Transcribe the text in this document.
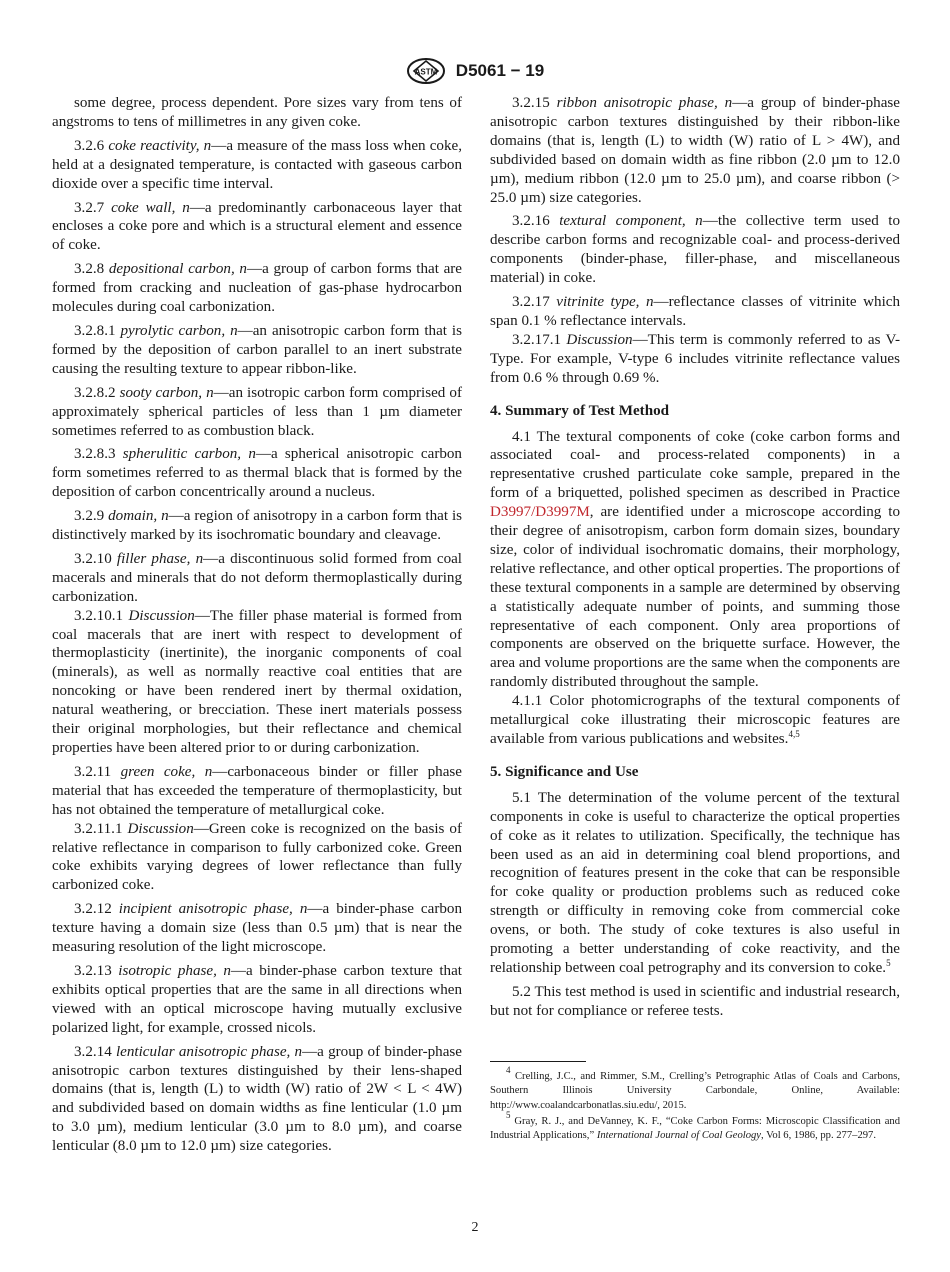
ASTM D5061 − 19

some degree, process dependent. Pore sizes vary from tens of angstroms to tens of millimetres in any given coke.

3.2.6 coke reactivity, n—a measure of the mass loss when coke, held at a designated temperature, is contacted with gaseous carbon dioxide over a specific time interval.

3.2.7 coke wall, n—a predominantly carbonaceous layer that encloses a coke pore and which is a structural element and essence of coke.

3.2.8 depositional carbon, n—a group of carbon forms that are formed from cracking and nucleation of gas-phase hydrocarbon molecules during coal carbonization.

3.2.8.1 pyrolytic carbon, n—an anisotropic carbon form that is formed by the deposition of carbon parallel to an inert substrate causing the resulting texture to appear ribbon-like.

3.2.8.2 sooty carbon, n—an isotropic carbon form comprised of approximately spherical particles of less than 1 µm diameter sometimes referred to as combustion black.

3.2.8.3 spherulitic carbon, n—a spherical anisotropic carbon form sometimes referred to as thermal black that is formed by the deposition of carbon concentrically around a nucleus.

3.2.9 domain, n—a region of anisotropy in a carbon form that is distinctively marked by its isochromatic boundary and cleavage.

3.2.10 filler phase, n—a discontinuous solid formed from coal macerals and minerals that do not deform thermoplastically during carbonization.

3.2.10.1 Discussion—The filler phase material is formed from coal macerals that are inert with respect to development of thermoplasticity (inertinite), the inorganic components of coal (minerals), as well as normally reactive coal entities that are noncoking or have been rendered inert by thermal oxidation, natural weathering, or brecciation. These inert materials possess their original morphologies, but their reflectance and chemical properties have been altered prior to or during carbonization.

3.2.11 green coke, n—carbonaceous binder or filler phase material that has exceeded the temperature of thermoplasticity, but has not obtained the temperature of metallurgical coke.

3.2.11.1 Discussion—Green coke is recognized on the basis of relative reflectance in comparison to fully carbonized coke. Green coke exhibits varying degrees of lower reflectance than fully carbonized coke.

3.2.12 incipient anisotropic phase, n—a binder-phase carbon texture having a domain size (less than 0.5 µm) that is near the measuring resolution of the light microscope.

3.2.13 isotropic phase, n—a binder-phase carbon texture that exhibits optical properties that are the same in all directions when viewed with an optical microscope having mutually exclusive polarized light, for example, crossed nicols.

3.2.14 lenticular anisotropic phase, n—a group of binder-phase anisotropic carbon textures distinguished by their lens-shaped domains (that is, length (L) to width (W) ratio of 2W < L < 4W) and subdivided based on domain widths as fine lenticular (1.0 µm to 3.0 µm), medium lenticular (3.0 µm to 8.0 µm), and coarse lenticular (8.0 µm to 12.0 µm) size categories.

3.2.15 ribbon anisotropic phase, n—a group of binder-phase anisotropic carbon textures distinguished by their ribbon-like domains (that is, length (L) to width (W) ratio of L > 4W), and subdivided based on domain width as fine ribbon (2.0 µm to 12.0 µm), medium ribbon (12.0 µm to 25.0 µm), and coarse ribbon (> 25.0 µm) size categories.

3.2.16 textural component, n—the collective term used to describe carbon forms and recognizable coal- and process-derived components (binder-phase, filler-phase, and miscellaneous material) in coke.

3.2.17 vitrinite type, n—reflectance classes of vitrinite which span 0.1 % reflectance intervals.

3.2.17.1 Discussion—This term is commonly referred to as V-Type. For example, V-type 6 includes vitrinite reflectance values from 0.6 % through 0.69 %.

4. Summary of Test Method

4.1 The textural components of coke (coke carbon forms and associated coal- and process-related components) in a representative crushed particulate coke sample, prepared in the form of a briquetted, polished specimen as described in Practice D3997/D3997M, are identified under a microscope according to their degree of anisotropism, carbon form domain sizes, boundary size, color of individual isochromatic domains, their morphology, relative reflectance, and other optical properties. The proportions of these textural components in a sample are determined by observing a statistically adequate number of points, and summing those representative of each component. Only area proportions of components are observed on the briquette surface. However, the area and volume proportions are the same when the components are randomly distributed throughout the sample.

4.1.1 Color photomicrographs of the textural components of metallurgical coke illustrating their microscopic features are available from various publications and websites.$^{4,5}$

5. Significance and Use

5.1 The determination of the volume percent of the textural components in coke is useful to characterize the optical properties of coke as it relates to utilization. Specifically, the technique has been used as an aid in determining coal blend proportions, and recognition of features present in the coke that can be responsible for coke quality or production problems such as reduced coke strength or difficulty in removing coke from commercial coke ovens, or both. The study of coke textures is also useful in promoting a better understanding of coke reactivity, and the relationship between coal petrography and its conversion to coke.$^5$

5.2 This test method is used in scientific and industrial research, but not for compliance or referee tests.

$^4$ Crelling, J.C., and Rimmer, S.M., Crelling’s Petrographic Atlas of Coals and Carbons, Southern Illinois University Carbondale, Online, Available: http://www.coalandcarbonatlas.siu.edu/, 2015.

$^5$ Gray, R. J., and DeVanney, K. F., “Coke Carbon Forms: Microscopic Classification and Industrial Applications,” International Journal of Coal Geology, Vol 6, 1986, pp. 277–297.

2
